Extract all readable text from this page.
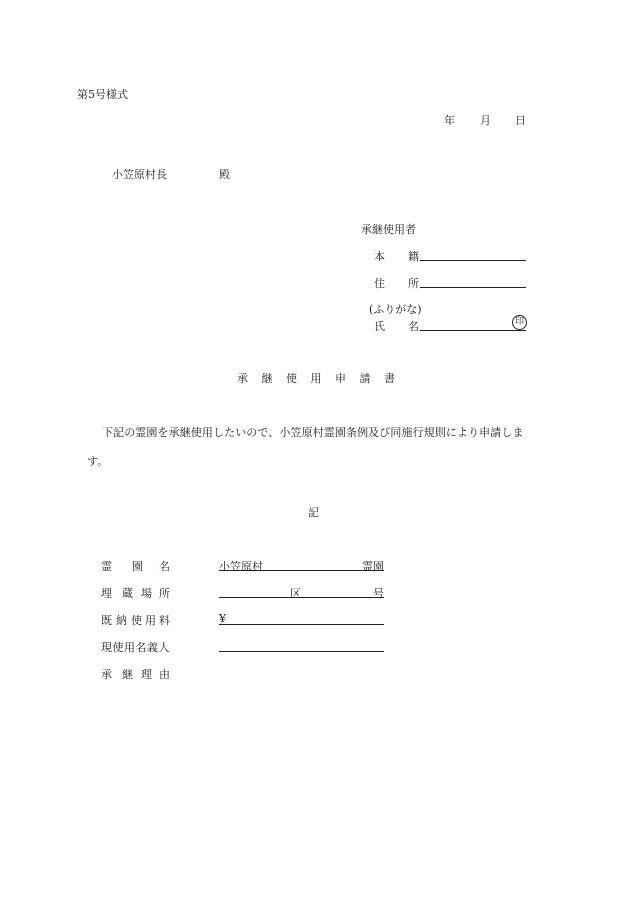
第5号様式
年 月 日
小笠原村長	殿
承継使用者
本 籍
住 所
(ふりがな)
氏 名	印
承 継 使 用 申 請 書
下記の霊園を承継使用したいので、小笠原村霊園条例及び同施行規則により申請しま
す。
記
霊 園 名	小笠原村	霊園
埋 蔵 場 所	区	号
既 納 使 用 料	¥
現使用名義人
承 継 理 由
